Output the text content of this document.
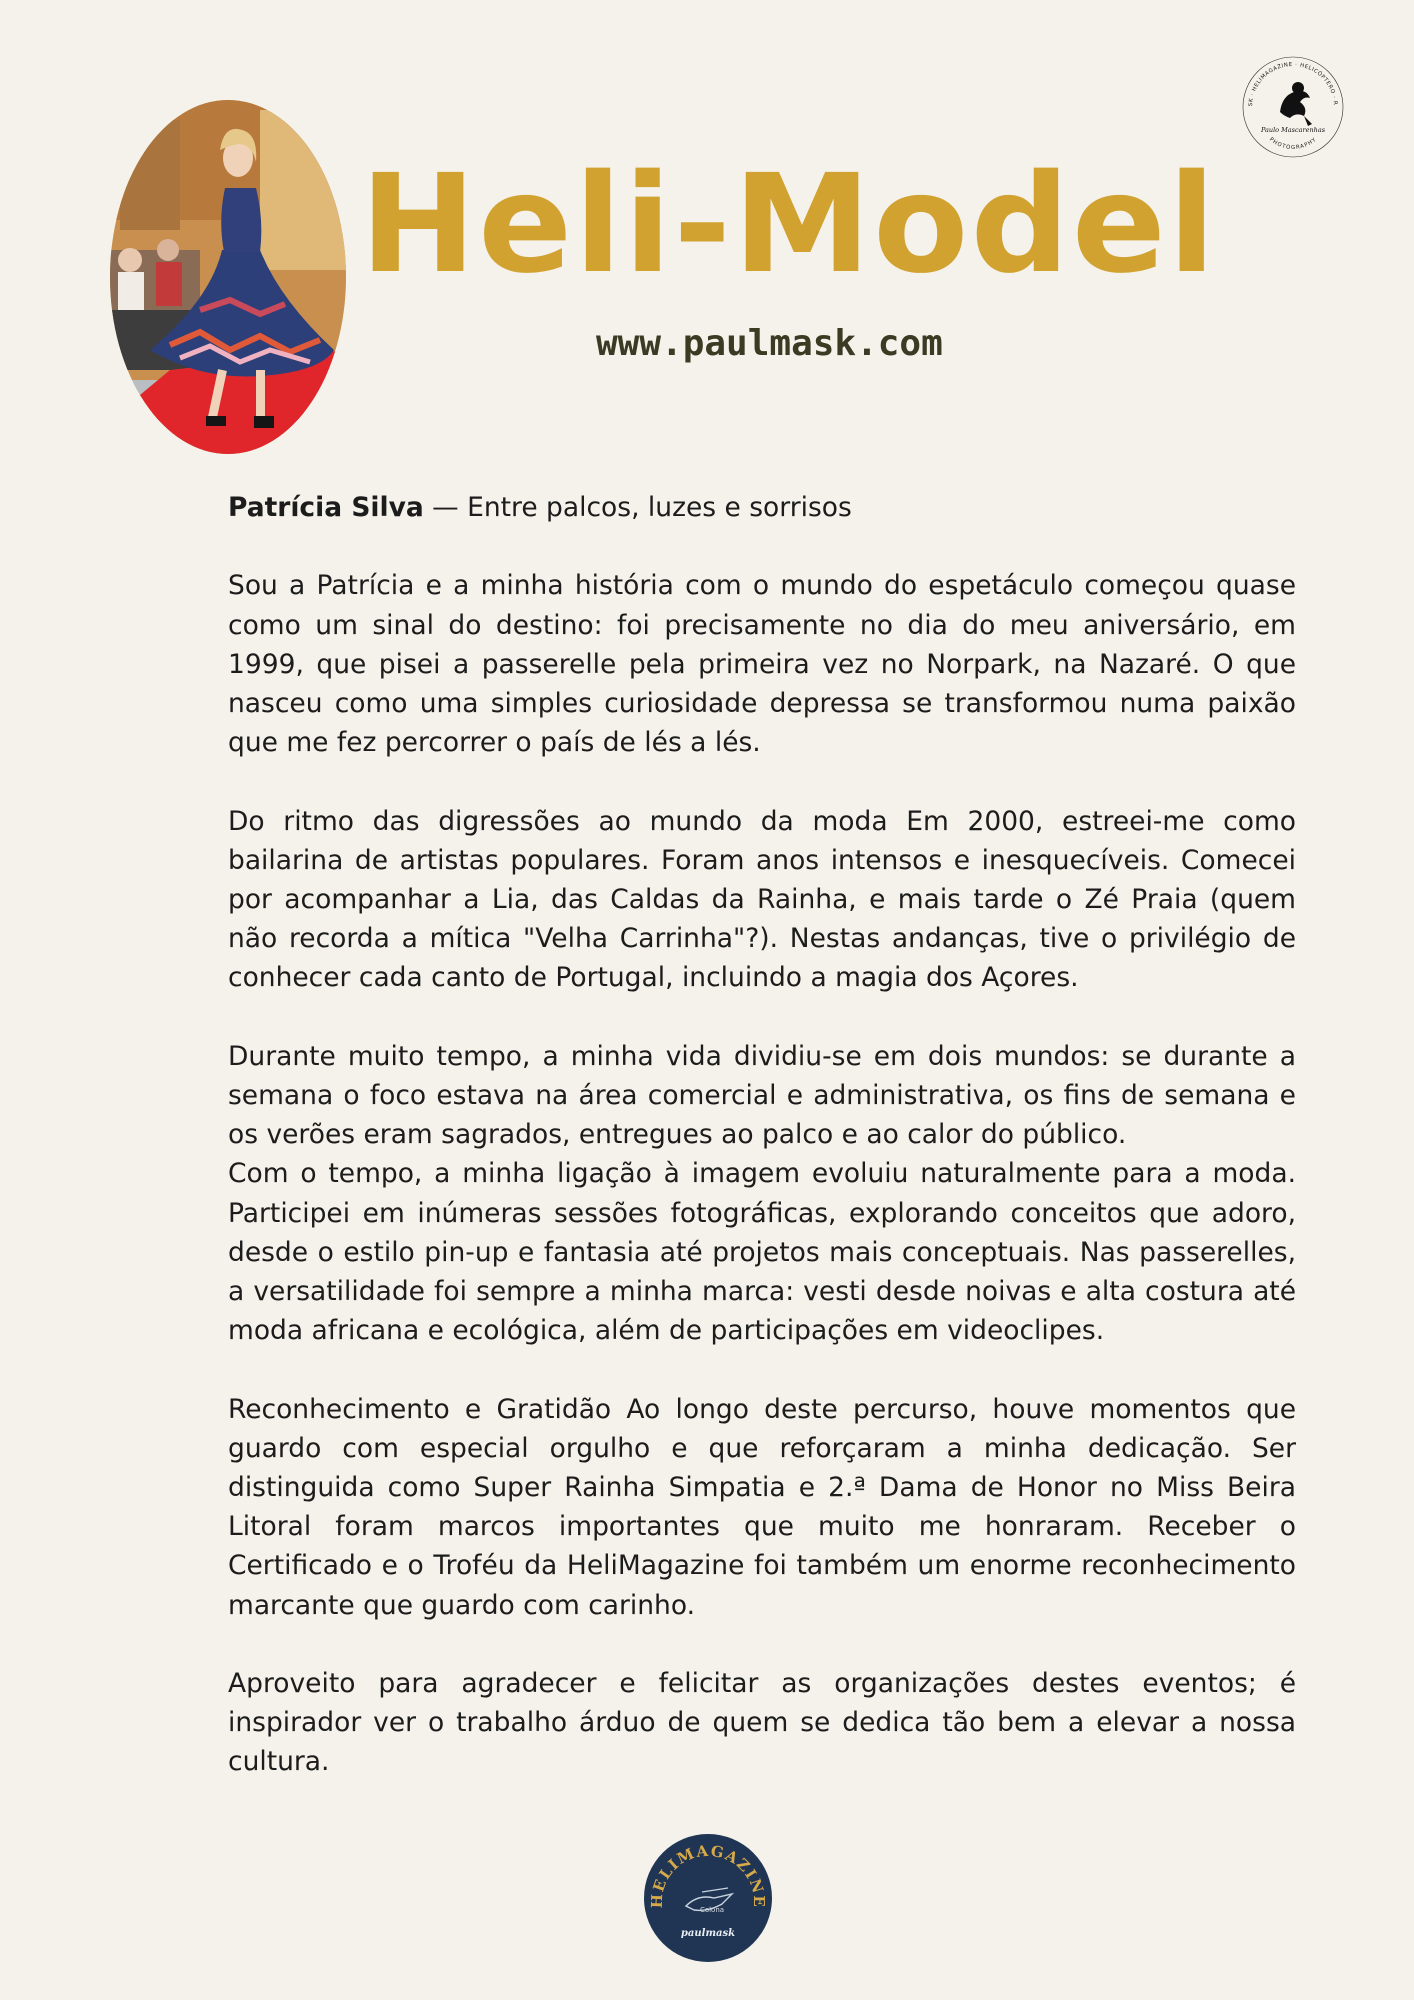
Heli-Model
www.paulmask.com
SK · HELIMAGAZINE · HELICÓPTERO · R
PHOTOGRAPHY
Paulo Mascarenhas

Patrícia Silva — Entre palcos, luzes e sorrisos

Sou a Patrícia e a minha história com o mundo do espetáculo começou quase como um sinal do destino: foi precisamente no dia do meu aniversário, em 1999, que pisei a passerelle pela primeira vez no Norpark, na Nazaré. O que nasceu como uma simples curiosidade depressa se transformou numa paixão que me fez percorrer o país de lés a lés.

Do ritmo das digressões ao mundo da moda Em 2000, estreei-me como bailarina de artistas populares. Foram anos intensos e inesquecíveis. Comecei por acompanhar a Lia, das Caldas da Rainha, e mais tarde o Zé Praia (quem não recorda a mítica "Velha Carrinha"?). Nestas andanças, tive o privilégio de conhecer cada canto de Portugal, incluindo a magia dos Açores.

Durante muito tempo, a minha vida dividiu-se em dois mundos: se durante a semana o foco estava na área comercial e administrativa, os fins de semana e os verões eram sagrados, entregues ao palco e ao calor do público.

Com o tempo, a minha ligação à imagem evoluiu naturalmente para a moda. Participei em inúmeras sessões fotográficas, explorando conceitos que adoro, desde o estilo pin-up e fantasia até projetos mais conceptuais. Nas passerelles, a versatilidade foi sempre a minha marca: vesti desde noivas e alta costura até moda africana e ecológica, além de participações em videoclipes.

Reconhecimento e Gratidão Ao longo deste percurso, houve momentos que guardo com especial orgulho e que reforçaram a minha dedicação. Ser distinguida como Super Rainha Simpatia e 2.ª Dama de Honor no Miss Beira Litoral foram marcos importantes que muito me honraram. Receber o Certificado e o Troféu da HeliMagazine foi também um enorme reconhecimento marcante que guardo com carinho.

Aproveito para agradecer e felicitar as organizações destes eventos; é inspirador ver o trabalho árduo de quem se dedica tão bem a elevar a nossa cultura.

HELIMAGAZINE
Colona
paulmask
